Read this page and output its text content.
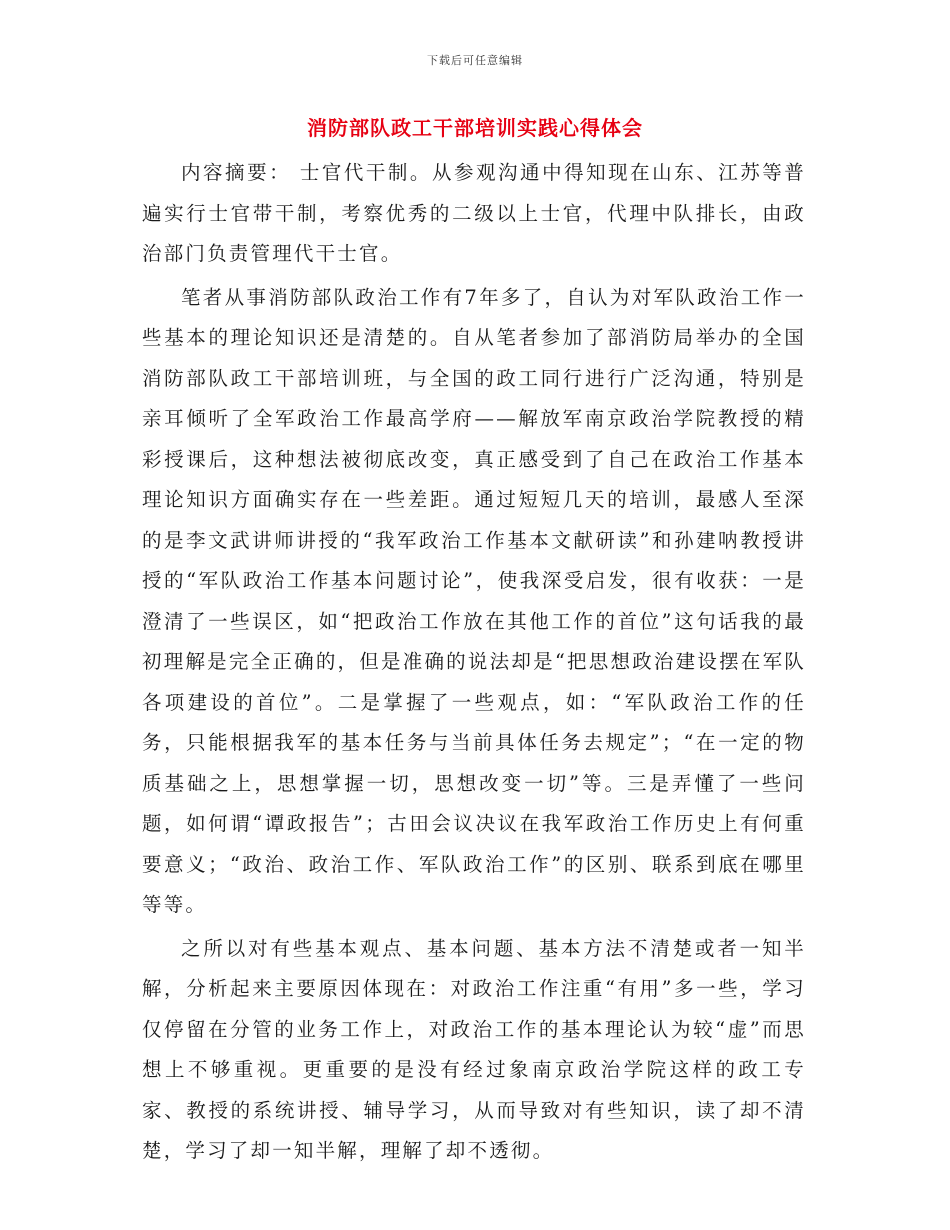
下载后可任意编辑
消防部队政工干部培训实践心得体会

内容摘要： 士官代干制。从参观沟通中得知现在山东、江苏等普遍实行士官带干制，考察优秀的二级以上士官，代理中队排长，由政治部门负责管理代干士官。

笔者从事消防部队政治工作有7年多了，自认为对军队政治工作一些基本的理论知识还是清楚的。自从笔者参加了部消防局举办的全国消防部队政工干部培训班，与全国的政工同行进行广泛沟通，特别是亲耳倾听了全军政治工作最高学府——解放军南京政治学院教授的精彩授课后，这种想法被彻底改变，真正感受到了自己在政治工作基本理论知识方面确实存在一些差距。通过短短几天的培训，最感人至深的是李文武讲师讲授的“我军政治工作基本文献研读”和孙建呐教授讲授的“军队政治工作基本问题讨论”，使我深受启发，很有收获：一是澄清了一些误区，如“把政治工作放在其他工作的首位”这句话我的最初理解是完全正确的，但是准确的说法却是“把思想政治建设摆在军队各项建设的首位”。二是掌握了一些观点，如：“军队政治工作的任务，只能根据我军的基本任务与当前具体任务去规定”；“在一定的物质基础之上，思想掌握一切，思想改变一切”等。三是弄懂了一些问题，如何谓“谭政报告”；古田会议决议在我军政治工作历史上有何重要意义；“政治、政治工作、军队政治工作”的区别、联系到底在哪里等等。

之所以对有些基本观点、基本问题、基本方法不清楚或者一知半解，分析起来主要原因体现在：对政治工作注重“有用”多一些，学习仅停留在分管的业务工作上，对政治工作的基本理论认为较“虚”而思想上不够重视。更重要的是没有经过象南京政治学院这样的政工专家、教授的系统讲授、辅导学习，从而导致对有些知识，读了却不清楚，学习了却一知半解，理解了却不透彻。
